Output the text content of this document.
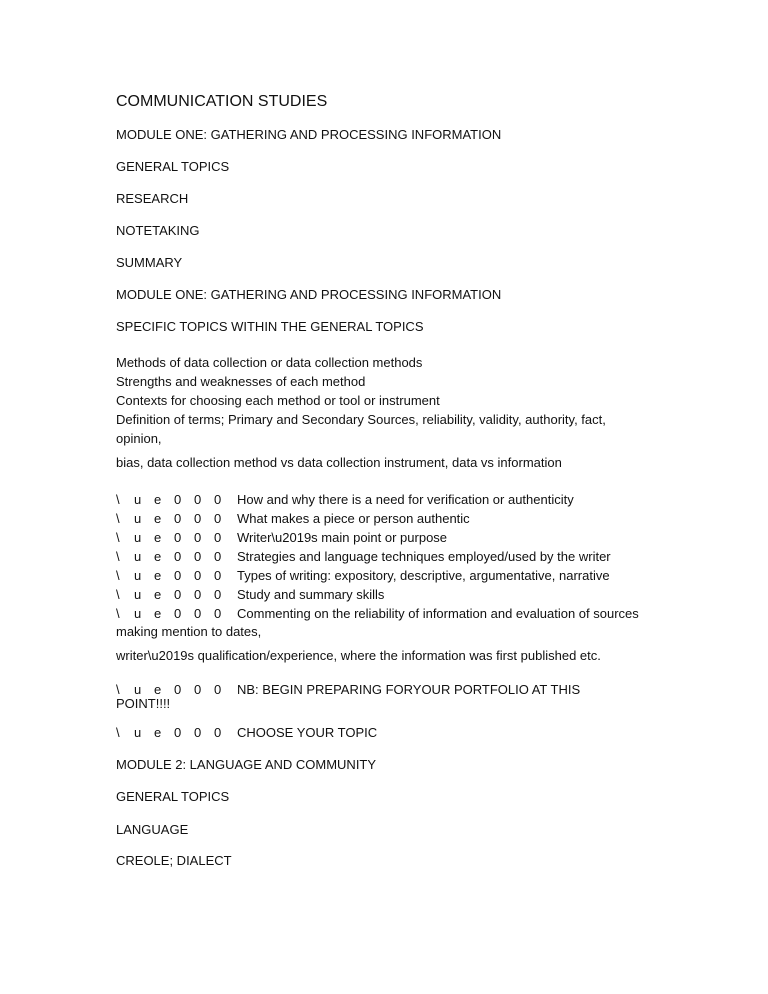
COMMUNICATION STUDIES
MODULE ONE: GATHERING AND PROCESSING INFORMATION
GENERAL TOPICS
RESEARCH
NOTETAKING
SUMMARY
MODULE ONE: GATHERING AND PROCESSING INFORMATION
SPECIFIC TOPICS WITHIN THE GENERAL TOPICS
Methods of data collection or data collection methods
Strengths and weaknesses of each method
Contexts for choosing each method or tool or instrument
Definition of terms; Primary and Secondary Sources, reliability, validity, authority, fact,
opinion,
bias, data collection method vs data collection instrument, data vs information
\ u e 0 0 0 How and why there is a need for verification or authenticity
\ u e 0 0 0 What makes a piece or person authentic
\ u e 0 0 0 Writer\u2019s main point or purpose
\ u e 0 0 0 Strategies and language techniques employed/used by the writer
\ u e 0 0 0 Types of writing: expository, descriptive, argumentative, narrative
\ u e 0 0 0 Study and summary skills
\ u e 0 0 0 Commenting on the reliability of information and evaluation of sources
making mention to dates,
writer\u2019s qualification/experience, where the information was first published etc.
\ u e 0 0 0 NB: BEGIN PREPARING FORYOUR PORTFOLIO AT THIS
POINT!!!!
\ u e 0 0 0 CHOOSE YOUR TOPIC
MODULE 2: LANGUAGE AND COMMUNITY
GENERAL TOPICS
LANGUAGE
CREOLE; DIALECT
